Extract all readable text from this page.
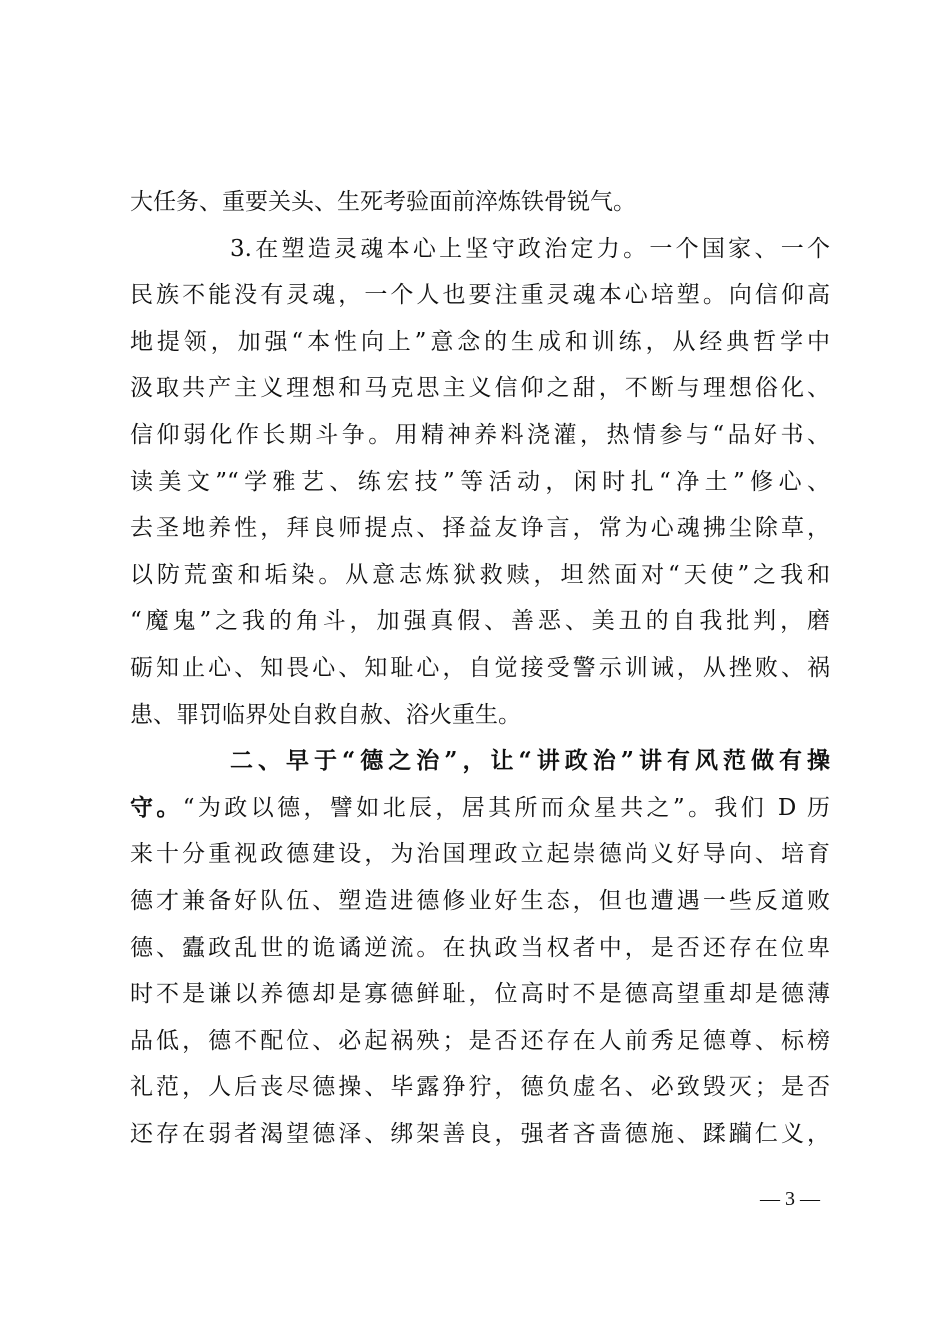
大任务、重要关头、生死考验面前淬炼铁骨锐气。
3.在塑造灵魂本心上坚守政治定力。一个国家、一个
民族不能没有灵魂，一个人也要注重灵魂本心培塑。向信仰高
地提领，加强“本性向上”意念的生成和训练，从经典哲学中
汲取共产主义理想和马克思主义信仰之甜，不断与理想俗化、
信仰弱化作长期斗争。用精神养料浇灌，热情参与“品好书、
读美文”“学雅艺、练宏技”等活动，闲时扎“净土”修心、
去圣地养性，拜良师提点、择益友诤言，常为心魂拂尘除草，
以防荒蛮和垢染。从意志炼狱救赎，坦然面对“天使”之我和
“魔鬼”之我的角斗，加强真假、善恶、美丑的自我批判，磨
砺知止心、知畏心、知耻心，自觉接受警示训诫，从挫败、祸
患、罪罚临界处自救自赦、浴火重生。
二、早于“德之治”，让“讲政治”讲有风范做有操
守。“为政以德，譬如北辰，居其所而众星共之”。我们 D 历
来十分重视政德建设，为治国理政立起崇德尚义好导向、培育
德才兼备好队伍、塑造进德修业好生态，但也遭遇一些反道败
德、蠹政乱世的诡谲逆流。在执政当权者中，是否还存在位卑
时不是谦以养德却是寡德鲜耻，位高时不是德高望重却是德薄
品低，德不配位、必起祸殃；是否还存在人前秀足德尊、标榜
礼范，人后丧尽德操、毕露狰狞，德负虚名、必致毁灭；是否
还存在弱者渴望德泽、绑架善良，强者吝啬德施、蹂躏仁义，
— 3 —
